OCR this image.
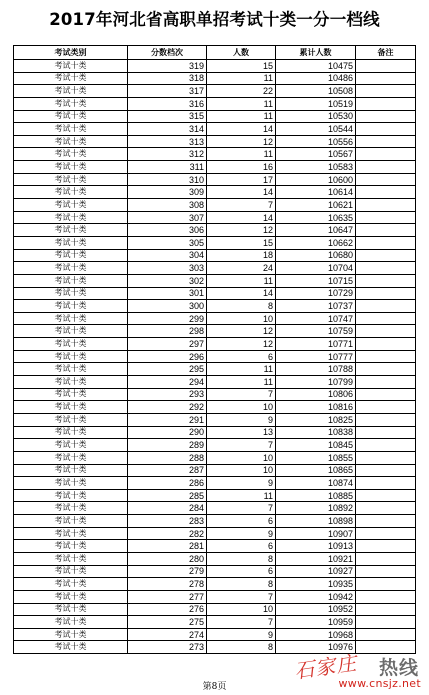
2017年河北省高职单招考试十类一分一档线
考试类别	分数档次	人数	累计人数	备注
考试十类	319	15	10475	
考试十类	318	11	10486	
考试十类	317	22	10508	
考试十类	316	11	10519	
考试十类	315	11	10530	
考试十类	314	14	10544	
考试十类	313	12	10556	
考试十类	312	11	10567	
考试十类	311	16	10583	
考试十类	310	17	10600	
考试十类	309	14	10614	
考试十类	308	7	10621	
考试十类	307	14	10635	
考试十类	306	12	10647	
考试十类	305	15	10662	
考试十类	304	18	10680	
考试十类	303	24	10704	
考试十类	302	11	10715	
考试十类	301	14	10729	
考试十类	300	8	10737	
考试十类	299	10	10747	
考试十类	298	12	10759	
考试十类	297	12	10771	
考试十类	296	6	10777	
考试十类	295	11	10788	
考试十类	294	11	10799	
考试十类	293	7	10806	
考试十类	292	10	10816	
考试十类	291	9	10825	
考试十类	290	13	10838	
考试十类	289	7	10845	
考试十类	288	10	10855	
考试十类	287	10	10865	
考试十类	286	9	10874	
考试十类	285	11	10885	
考试十类	284	7	10892	
考试十类	283	6	10898	
考试十类	282	9	10907	
考试十类	281	6	10913	
考试十类	280	8	10921	
考试十类	279	6	10927	
考试十类	278	8	10935	
考试十类	277	7	10942	
考试十类	276	10	10952	
考试十类	275	7	10959	
考试十类	274	9	10968	
考试十类	273	8	10976	
第8页
石家庄 热线
www.cnsjz.net
